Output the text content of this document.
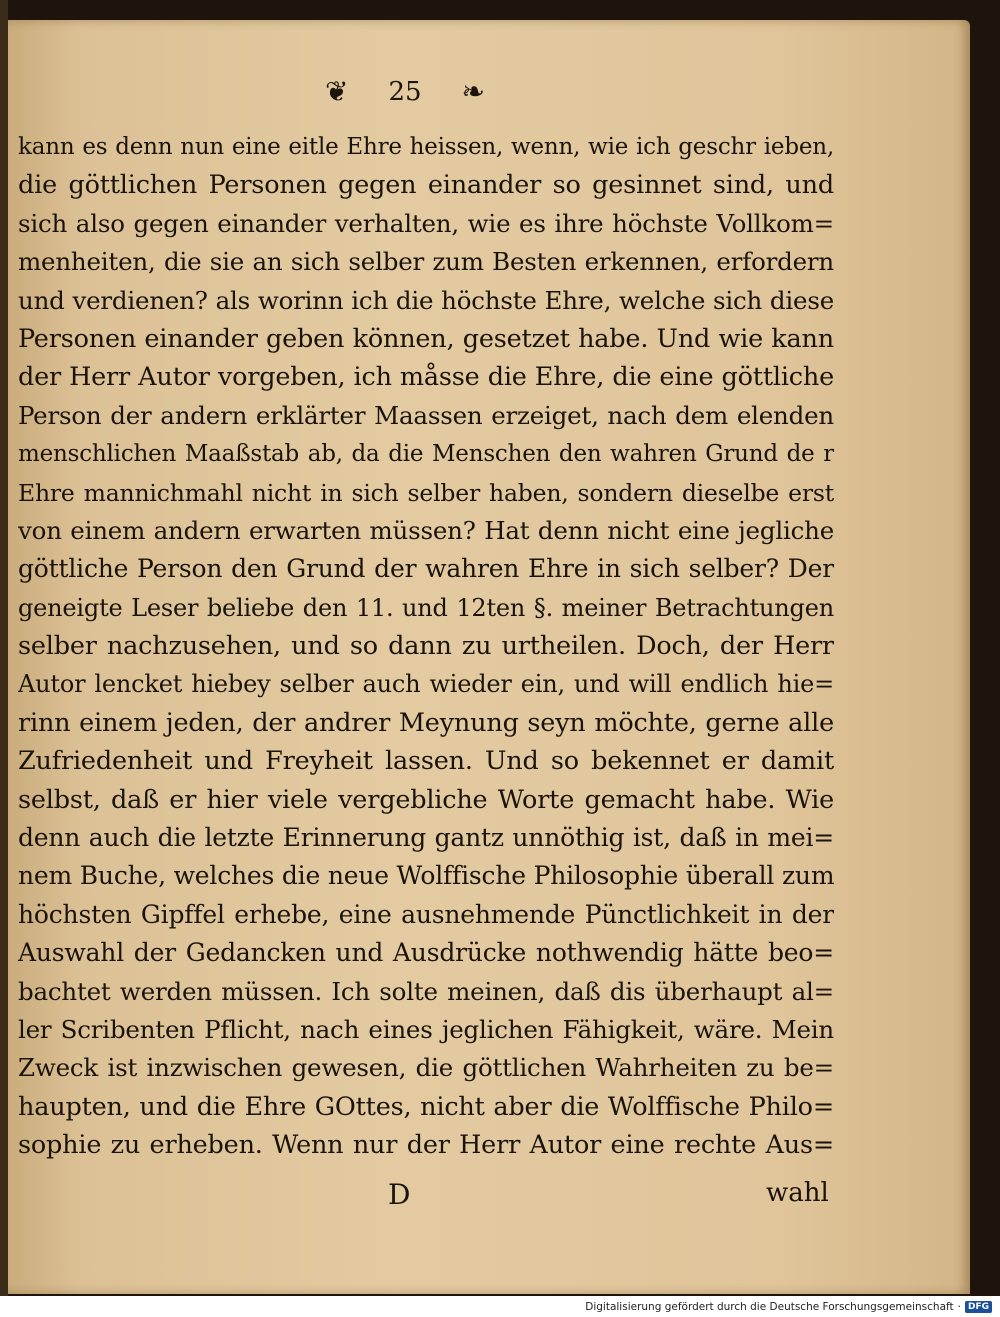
❦ 25 ❧
kann es denn nun eine eitle Ehre heissen, wenn, wie ich geschr ieben,
die göttlichen Personen gegen einander so gesinnet sind, und
sich also gegen einander verhalten, wie es ihre höchste Vollkom=
menheiten, die sie an sich selber zum Besten erkennen, erfordern
und verdienen? als worinn ich die höchste Ehre, welche sich diese
Personen einander geben können, gesetzet habe. Und wie kann
der Herr Autor vorgeben, ich måsse die Ehre, die eine göttliche
Person der andern erklärter Maassen erzeiget, nach dem elenden
menschlichen Maaßstab ab, da die Menschen den wahren Grund de r
Ehre mannichmahl nicht in sich selber haben, sondern dieselbe erst
von einem andern erwarten müssen? Hat denn nicht eine jegliche
göttliche Person den Grund der wahren Ehre in sich selber? Der
geneigte Leser beliebe den 11. und 12ten §. meiner Betrachtungen
selber nachzusehen, und so dann zu urtheilen. Doch, der Herr
Autor lencket hiebey selber auch wieder ein, und will endlich hie=
rinn einem jeden, der andrer Meynung seyn möchte, gerne alle
Zufriedenheit und Freyheit lassen. Und so bekennet er damit
selbst, daß er hier viele vergebliche Worte gemacht habe. Wie
denn auch die letzte Erinnerung gantz unnöthig ist, daß in mei=
nem Buche, welches die neue Wolffische Philosophie überall zum
höchsten Gipffel erhebe, eine ausnehmende Pünctlichkeit in der
Auswahl der Gedancken und Ausdrücke nothwendig hätte beo=
bachtet werden müssen. Ich solte meinen, daß dis überhaupt al=
ler Scribenten Pflicht, nach eines jeglichen Fähigkeit, wäre. Mein
Zweck ist inzwischen gewesen, die göttlichen Wahrheiten zu be=
haupten, und die Ehre GOttes, nicht aber die Wolffische Philo=
sophie zu erheben. Wenn nur der Herr Autor eine rechte Aus=
D	wahl
Digitalisierung gefördert durch die Deutsche Forschungsgemeinschaft · DFG
